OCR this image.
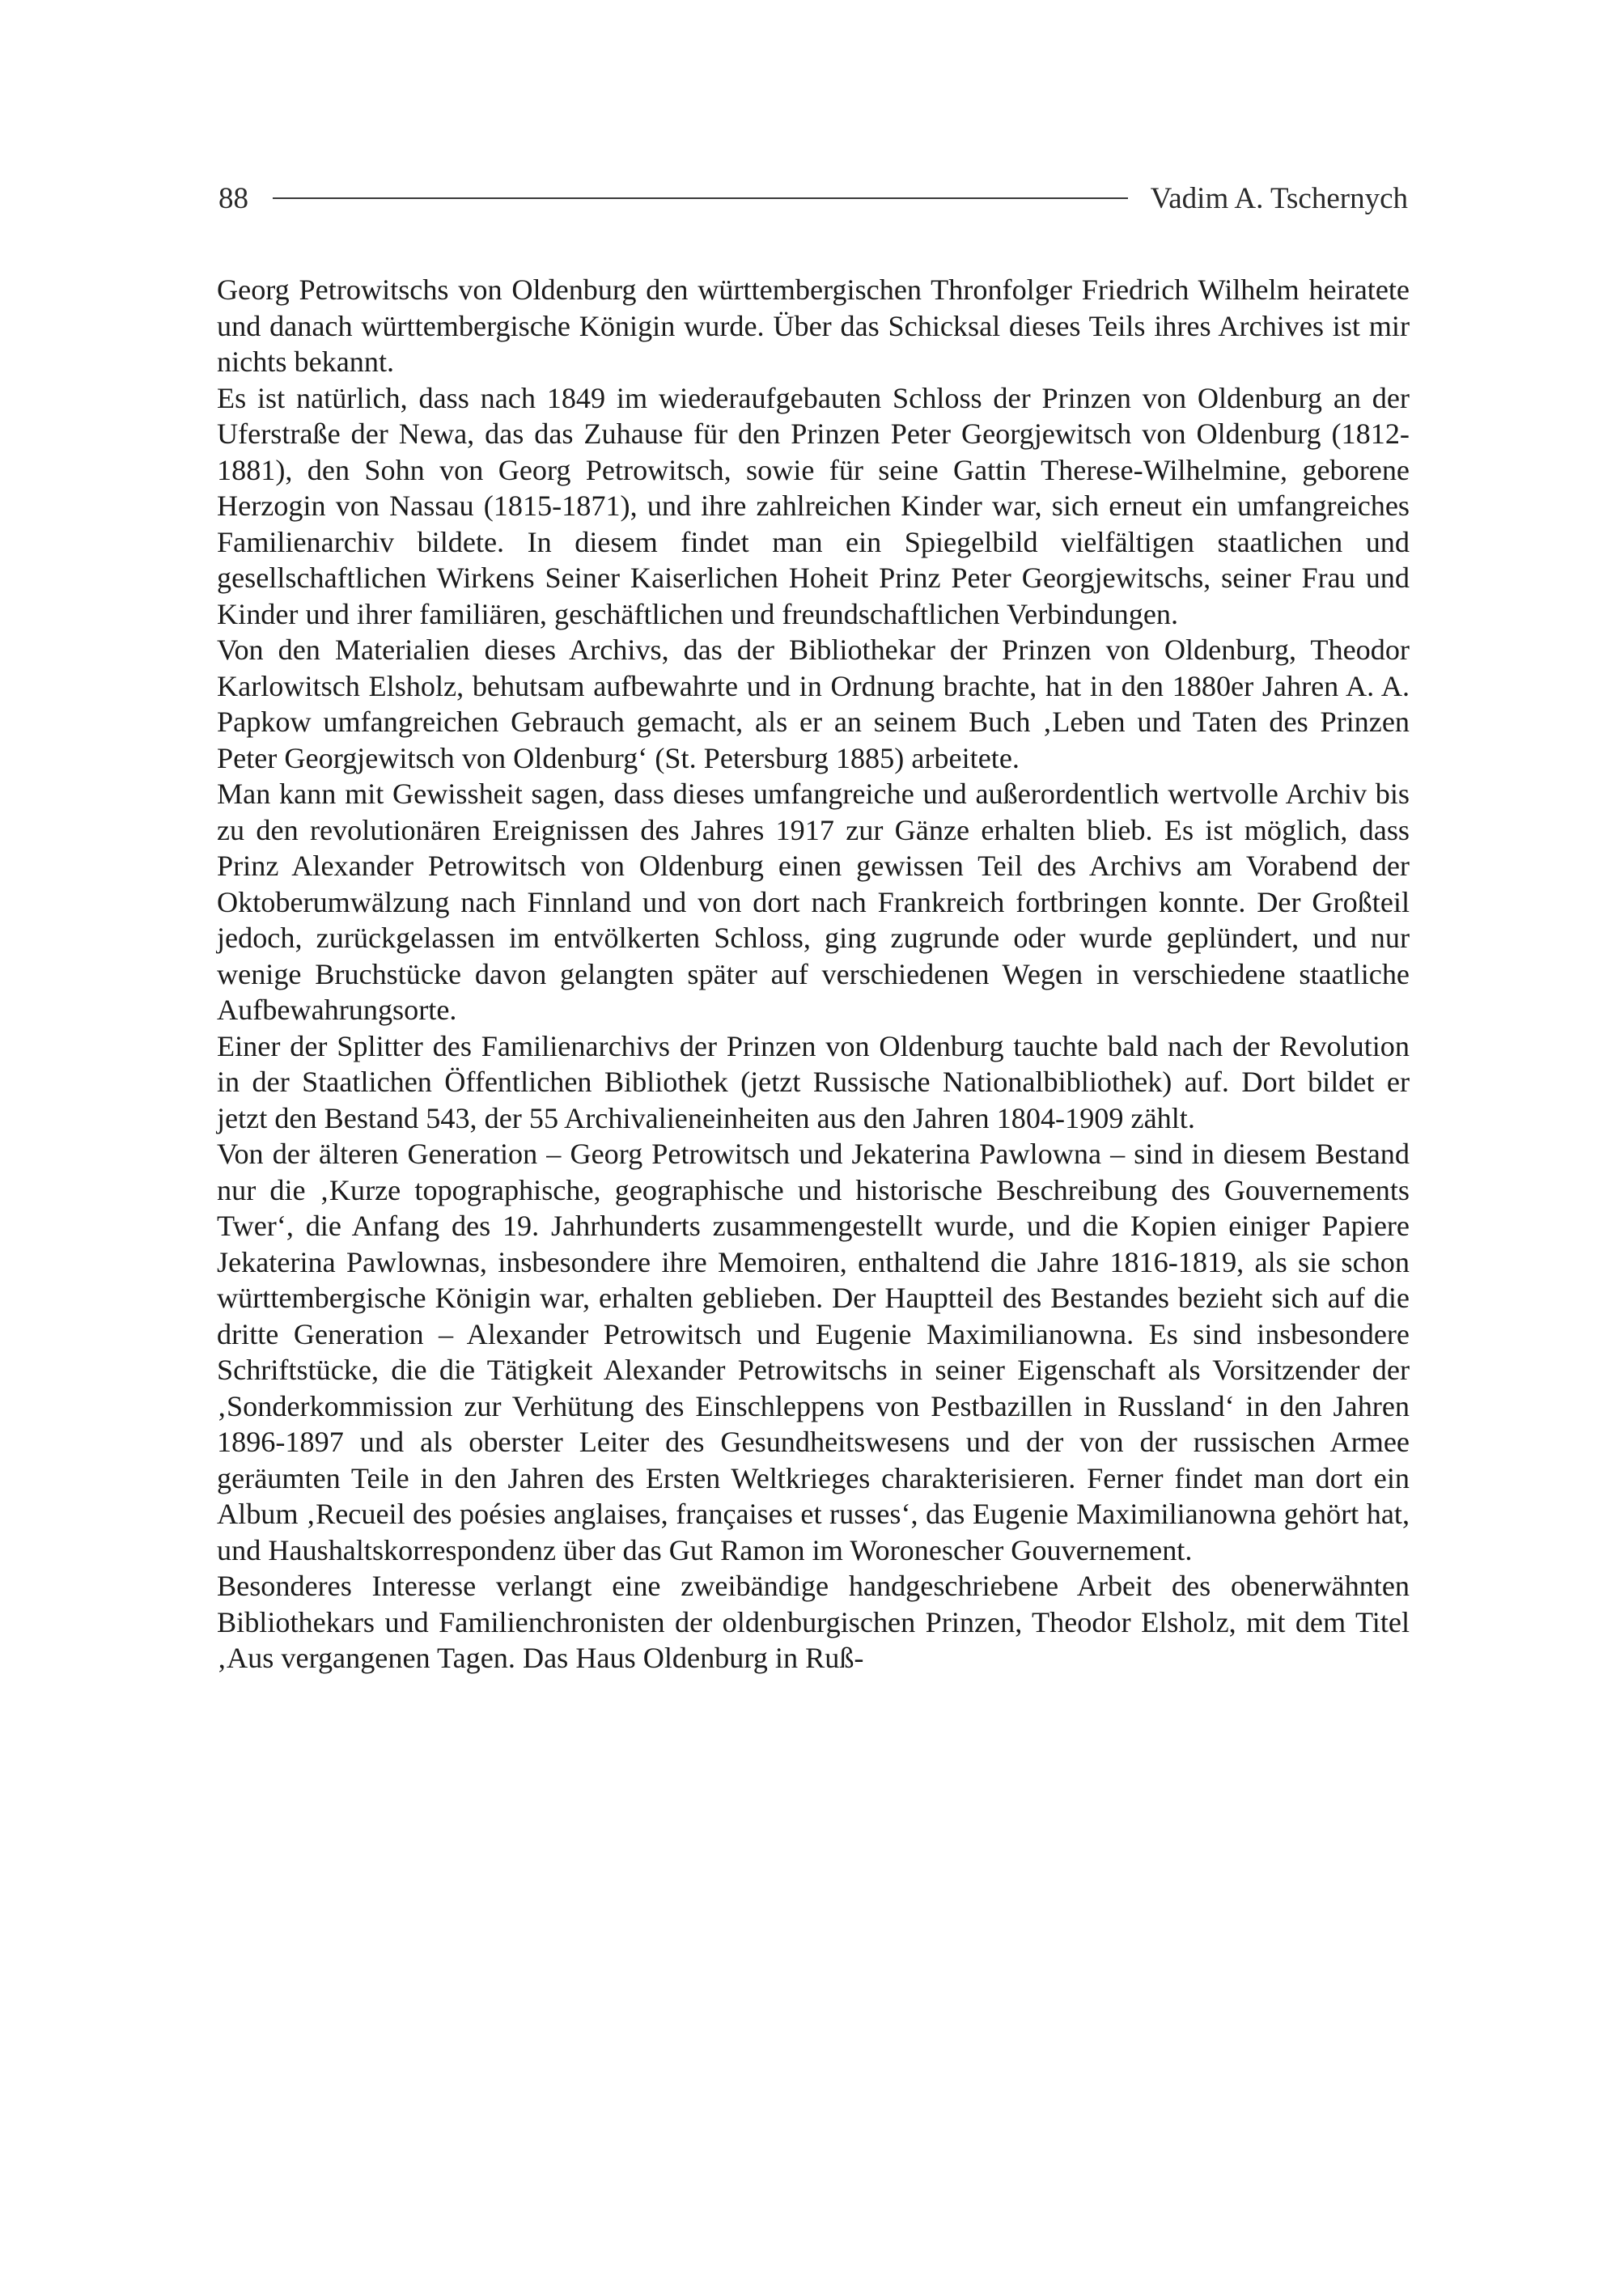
88	Vadim A. Tschernych

Georg Petrowitschs von Oldenburg den württembergischen Thronfolger Friedrich Wilhelm heiratete und danach württembergische Königin wurde. Über das Schicksal dieses Teils ihres Archives ist mir nichts bekannt.

Es ist natürlich, dass nach 1849 im wiederaufgebauten Schloss der Prinzen von Oldenburg an der Uferstraße der Newa, das das Zuhause für den Prinzen Peter Georgjewitsch von Oldenburg (1812-1881), den Sohn von Georg Petrowitsch, sowie für seine Gattin Therese-Wilhelmine, geborene Herzogin von Nassau (1815-1871), und ihre zahlreichen Kinder war, sich erneut ein umfangreiches Familienarchiv bildete. In diesem findet man ein Spiegelbild vielfältigen staatlichen und gesellschaftlichen Wirkens Seiner Kaiserlichen Hoheit Prinz Peter Georgjewitschs, seiner Frau und Kinder und ihrer familiären, geschäftlichen und freundschaftlichen Verbindungen.

Von den Materialien dieses Archivs, das der Bibliothekar der Prinzen von Oldenburg, Theodor Karlowitsch Elsholz, behutsam aufbewahrte und in Ordnung brachte, hat in den 1880er Jahren A. A. Papkow umfangreichen Gebrauch gemacht, als er an seinem Buch ‚Leben und Taten des Prinzen Peter Georgjewitsch von Oldenburg‘ (St. Petersburg 1885) arbeitete.

Man kann mit Gewissheit sagen, dass dieses umfangreiche und außerordentlich wertvolle Archiv bis zu den revolutionären Ereignissen des Jahres 1917 zur Gänze erhalten blieb. Es ist möglich, dass Prinz Alexander Petrowitsch von Oldenburg einen gewissen Teil des Archivs am Vorabend der Oktoberumwälzung nach Finnland und von dort nach Frankreich fortbringen konnte. Der Großteil jedoch, zurückgelassen im entvölkerten Schloss, ging zugrunde oder wurde geplündert, und nur wenige Bruchstücke davon gelangten später auf verschiedenen Wegen in verschiedene staatliche Aufbewahrungsorte.

Einer der Splitter des Familienarchivs der Prinzen von Oldenburg tauchte bald nach der Revolution in der Staatlichen Öffentlichen Bibliothek (jetzt Russische Nationalbibliothek) auf. Dort bildet er jetzt den Bestand 543, der 55 Archivalieneinheiten aus den Jahren 1804-1909 zählt.

Von der älteren Generation – Georg Petrowitsch und Jekaterina Pawlowna – sind in diesem Bestand nur die ‚Kurze topographische, geographische und historische Beschreibung des Gouvernements Twer‘, die Anfang des 19. Jahrhunderts zusammengestellt wurde, und die Kopien einiger Papiere Jekaterina Pawlownas, insbesondere ihre Memoiren, enthaltend die Jahre 1816-1819, als sie schon württembergische Königin war, erhalten geblieben. Der Hauptteil des Bestandes bezieht sich auf die dritte Generation – Alexander Petrowitsch und Eugenie Maximilianowna. Es sind insbesondere Schriftstücke, die die Tätigkeit Alexander Petrowitschs in seiner Eigenschaft als Vorsitzender der ‚Sonderkommission zur Verhütung des Einschleppens von Pestbazillen in Russland‘ in den Jahren 1896-1897 und als oberster Leiter des Gesundheitswesens und der von der russischen Armee geräumten Teile in den Jahren des Ersten Weltkrieges charakterisieren. Ferner findet man dort ein Album ‚Recueil des poésies anglaises, françaises et russes‘, das Eugenie Maximilianowna gehört hat, und Haushaltskorrespondenz über das Gut Ramon im Woronescher Gouvernement.

Besonderes Interesse verlangt eine zweibändige handgeschriebene Arbeit des obenerwähnten Bibliothekars und Familienchronisten der oldenburgischen Prinzen, Theodor Elsholz, mit dem Titel ‚Aus vergangenen Tagen. Das Haus Oldenburg in Ruß-
